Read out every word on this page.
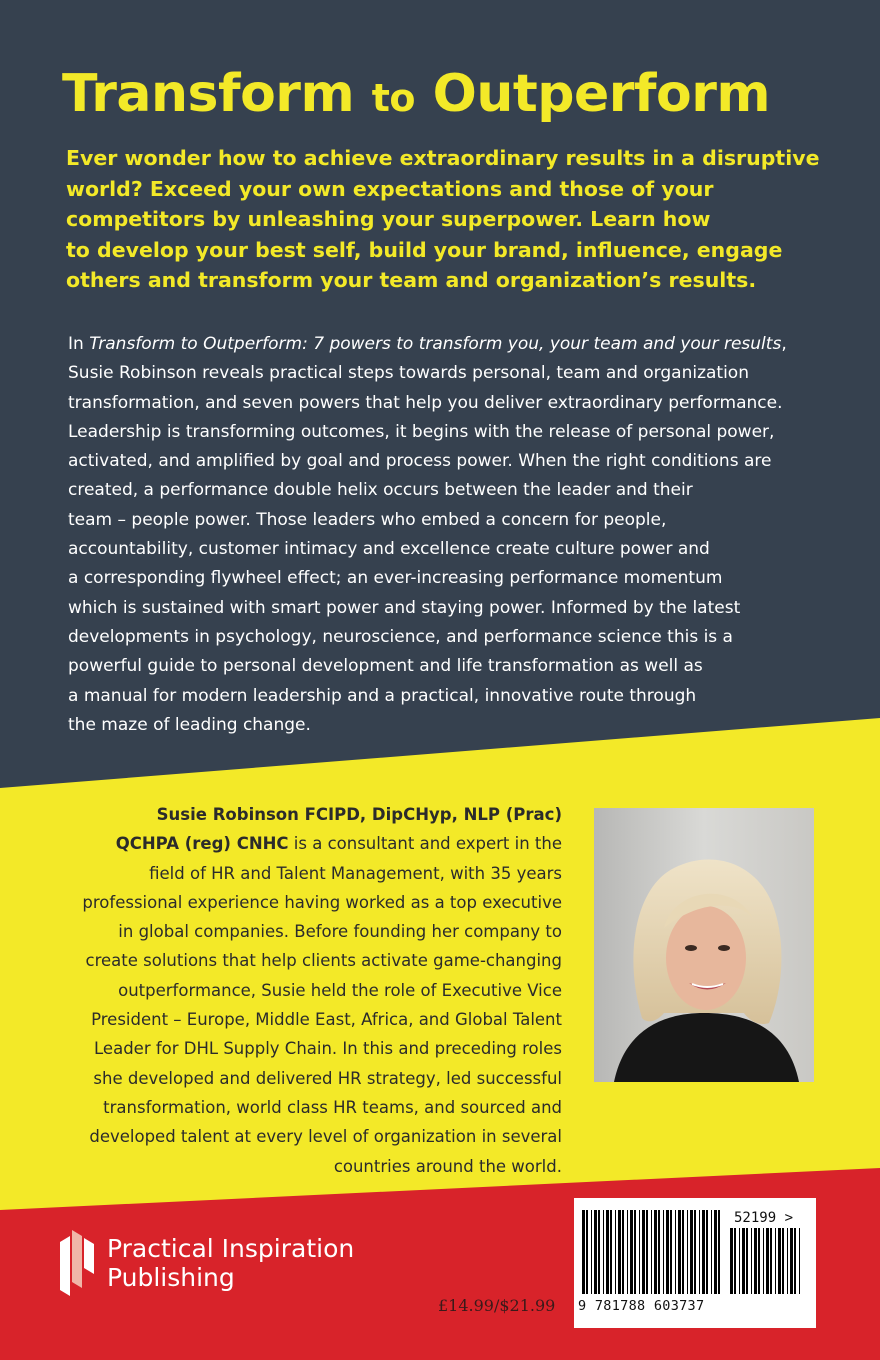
Transform to Outperform

Ever wonder how to achieve extraordinary results in a disruptive
world? Exceed your own expectations and those of your
competitors by unleashing your superpower. Learn how
to develop your best self, build your brand, influence, engage
others and transform your team and organization’s results.

In Transform to Outperform: 7 powers to transform you, your team and your results,
Susie Robinson reveals practical steps towards personal, team and organization
transformation, and seven powers that help you deliver extraordinary performance.
Leadership is transforming outcomes, it begins with the release of personal power,
activated, and amplified by goal and process power. When the right conditions are
created, a performance double helix occurs between the leader and their
team – people power. Those leaders who embed a concern for people,
accountability, customer intimacy and excellence create culture power and
a corresponding flywheel effect; an ever-increasing performance momentum
which is sustained with smart power and staying power. Informed by the latest
developments in psychology, neuroscience, and performance science this is a
powerful guide to personal development and life transformation as well as
a manual for modern leadership and a practical, innovative route through
the maze of leading change.

Susie Robinson FCIPD, DipCHyp, NLP (Prac)
QCHPA (reg) CNHC is a consultant and expert in the
field of HR and Talent Management, with 35 years
professional experience having worked as a top executive
in global companies. Before founding her company to
create solutions that help clients activate game-changing
outperformance, Susie held the role of Executive Vice
President – Europe, Middle East, Africa, and Global Talent
Leader for DHL Supply Chain. In this and preceding roles
she developed and delivered HR strategy, led successful
transformation, world class HR teams, and sourced and
developed talent at every level of organization in several
countries around the world.

Practical Inspiration
Publishing
£14.99/$21.99
52199 >
9 781788 603737
